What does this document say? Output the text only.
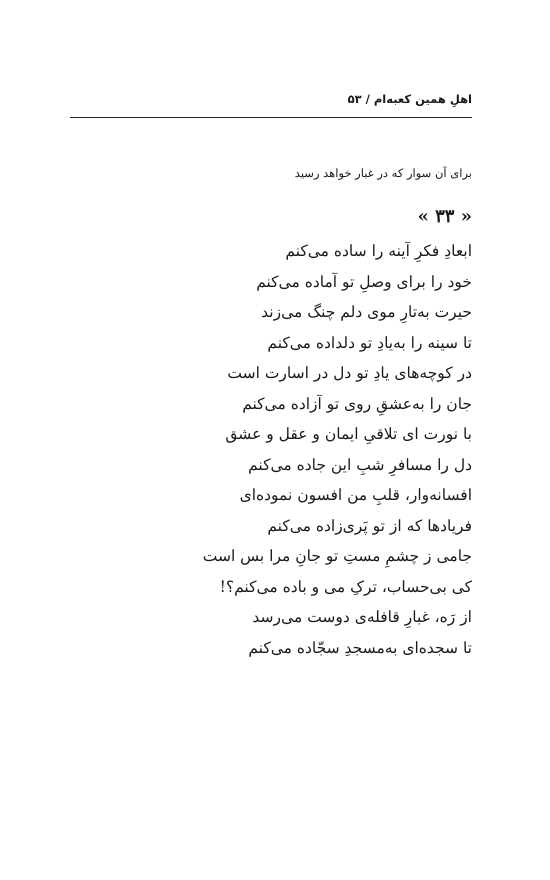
اهلِ همین کعبه‌ام / ۵۳
برای آن سوار که در غبار خواهد رسید
« ۳۳ »
ابعادِ فکرِ آینه را ساده می‌کنم
خود را برای وصلِ تو آماده می‌کنم
حیرت به‌تارِ موی دلم چنگ می‌زند
تا سینه را به‌یادِ تو دلداده می‌کنم
در کوچه‌های یادِ تو دل در اسارت است
جان را به‌عشقِ روی تو آزاده می‌کنم
با نورت ای تلاقیِ ایمان و عقل و عشق
دل را مسافرِ شبِ این جاده می‌کنم
افسانه‌وار، قلبِ من افسون نموده‌ای
فریادها که از تو پَری‌زاده می‌کنم
جامی ز چشمِ مستِ تو جانِ مرا بس است
کی بی‌حساب، ترکِ می و باده می‌کنم؟!
از رَه، غبارِ قافله‌ی دوست می‌رسد
تا سجده‌ای به‌مسجدِ سجّاده می‌کنم
